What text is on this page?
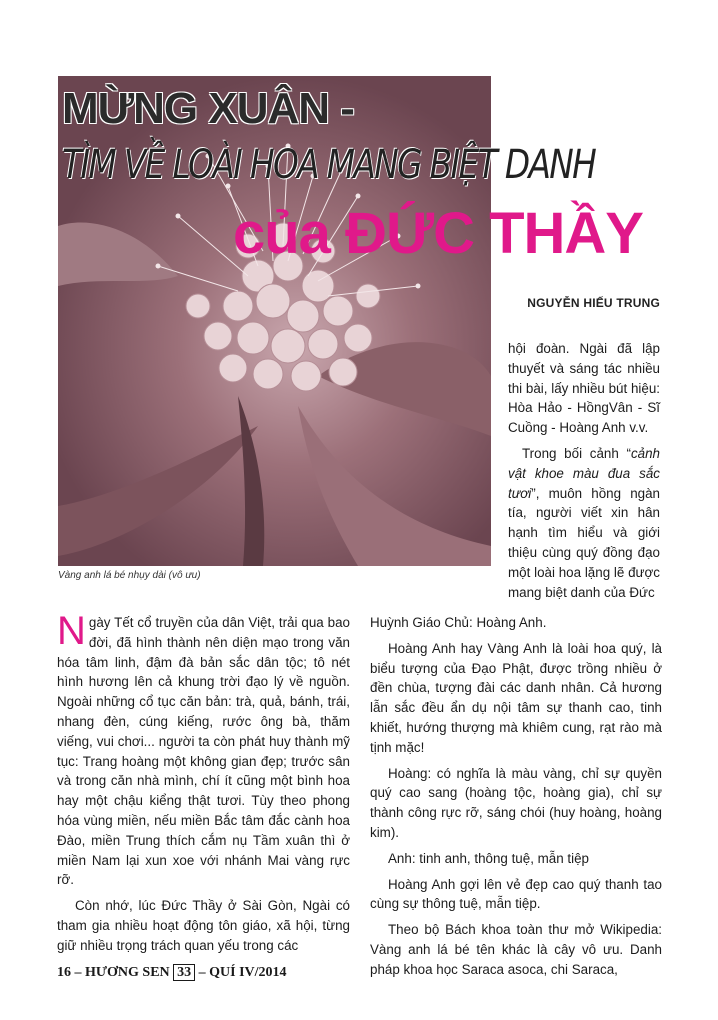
MỪNG XUÂN -
TÌM VỀ LOÀI HOA MANG BIỆT DANH
của ĐỨC THẦY
NGUYỄN HIẾU TRUNG
Vàng anh lá bé nhụy dài (vô ưu)

hội đoàn. Ngài đã lập thuyết và sáng tác nhiều thi bài, lấy nhiều bút hiệu: Hòa Hảo - HồngVân - Sĩ Cuồng - Hoàng Anh v.v.

Trong bối cảnh “cảnh vật khoe màu đua sắc tươi”, muôn hồng ngàn tía, người viết xin hân hạnh tìm hiểu và giới thiệu cùng quý đồng đạo một loài hoa lặng lẽ được mang biệt danh của Đức

Ngày Tết cổ truyền của dân Việt, trải qua bao đời, đã hình thành nên diện mạo trong văn hóa tâm linh, đậm đà bản sắc dân tộc; tô nét hình hương lên cả khung trời đạo lý về nguồn. Ngoài những cổ tục căn bản: trà, quả, bánh, trái, nhang đèn, cúng kiếng, rước ông bà, thăm viếng, vui chơi... người ta còn phát huy thành mỹ tục: Trang hoàng một không gian đẹp; trước sân và trong căn nhà mình, chí ít cũng một bình hoa hay một chậu kiểng thật tươi. Tùy theo phong hóa vùng miền, nếu miền Bắc tâm đắc cành hoa Đào, miền Trung thích cắm nụ Tầm xuân thì ở miền Nam lại xun xoe với nhánh Mai vàng rực rỡ.

Còn nhớ, lúc Đức Thầy ở Sài Gòn, Ngài có tham gia nhiều hoạt động tôn giáo, xã hội, từng giữ nhiều trọng trách quan yếu trong các

Huỳnh Giáo Chủ: Hoàng Anh.

Hoàng Anh hay Vàng Anh là loài hoa quý, là biểu tượng của Đạo Phật, được trồng nhiều ở đền chùa, tượng đài các danh nhân. Cả hương lẫn sắc đều ẩn dụ nội tâm sự thanh cao, tinh khiết, hướng thượng mà khiêm cung, rạt rào mà tịnh mặc!

Hoàng: có nghĩa là màu vàng, chỉ sự quyền quý cao sang (hoàng tộc, hoàng gia), chỉ sự thành công rực rỡ, sáng chói (huy hoàng, hoàng kim).

Anh: tinh anh, thông tuệ, mẫn tiệp

Hoàng Anh gợi lên vẻ đẹp cao quý thanh tao cùng sự thông tuệ, mẫn tiệp.

Theo bộ Bách khoa toàn thư mở Wikipedia: Vàng anh lá bé tên khác là cây vô ưu. Danh pháp khoa học Saraca asoca, chi Saraca,

16 – HƯƠNG SEN 33 – QUÍ IV/2014
